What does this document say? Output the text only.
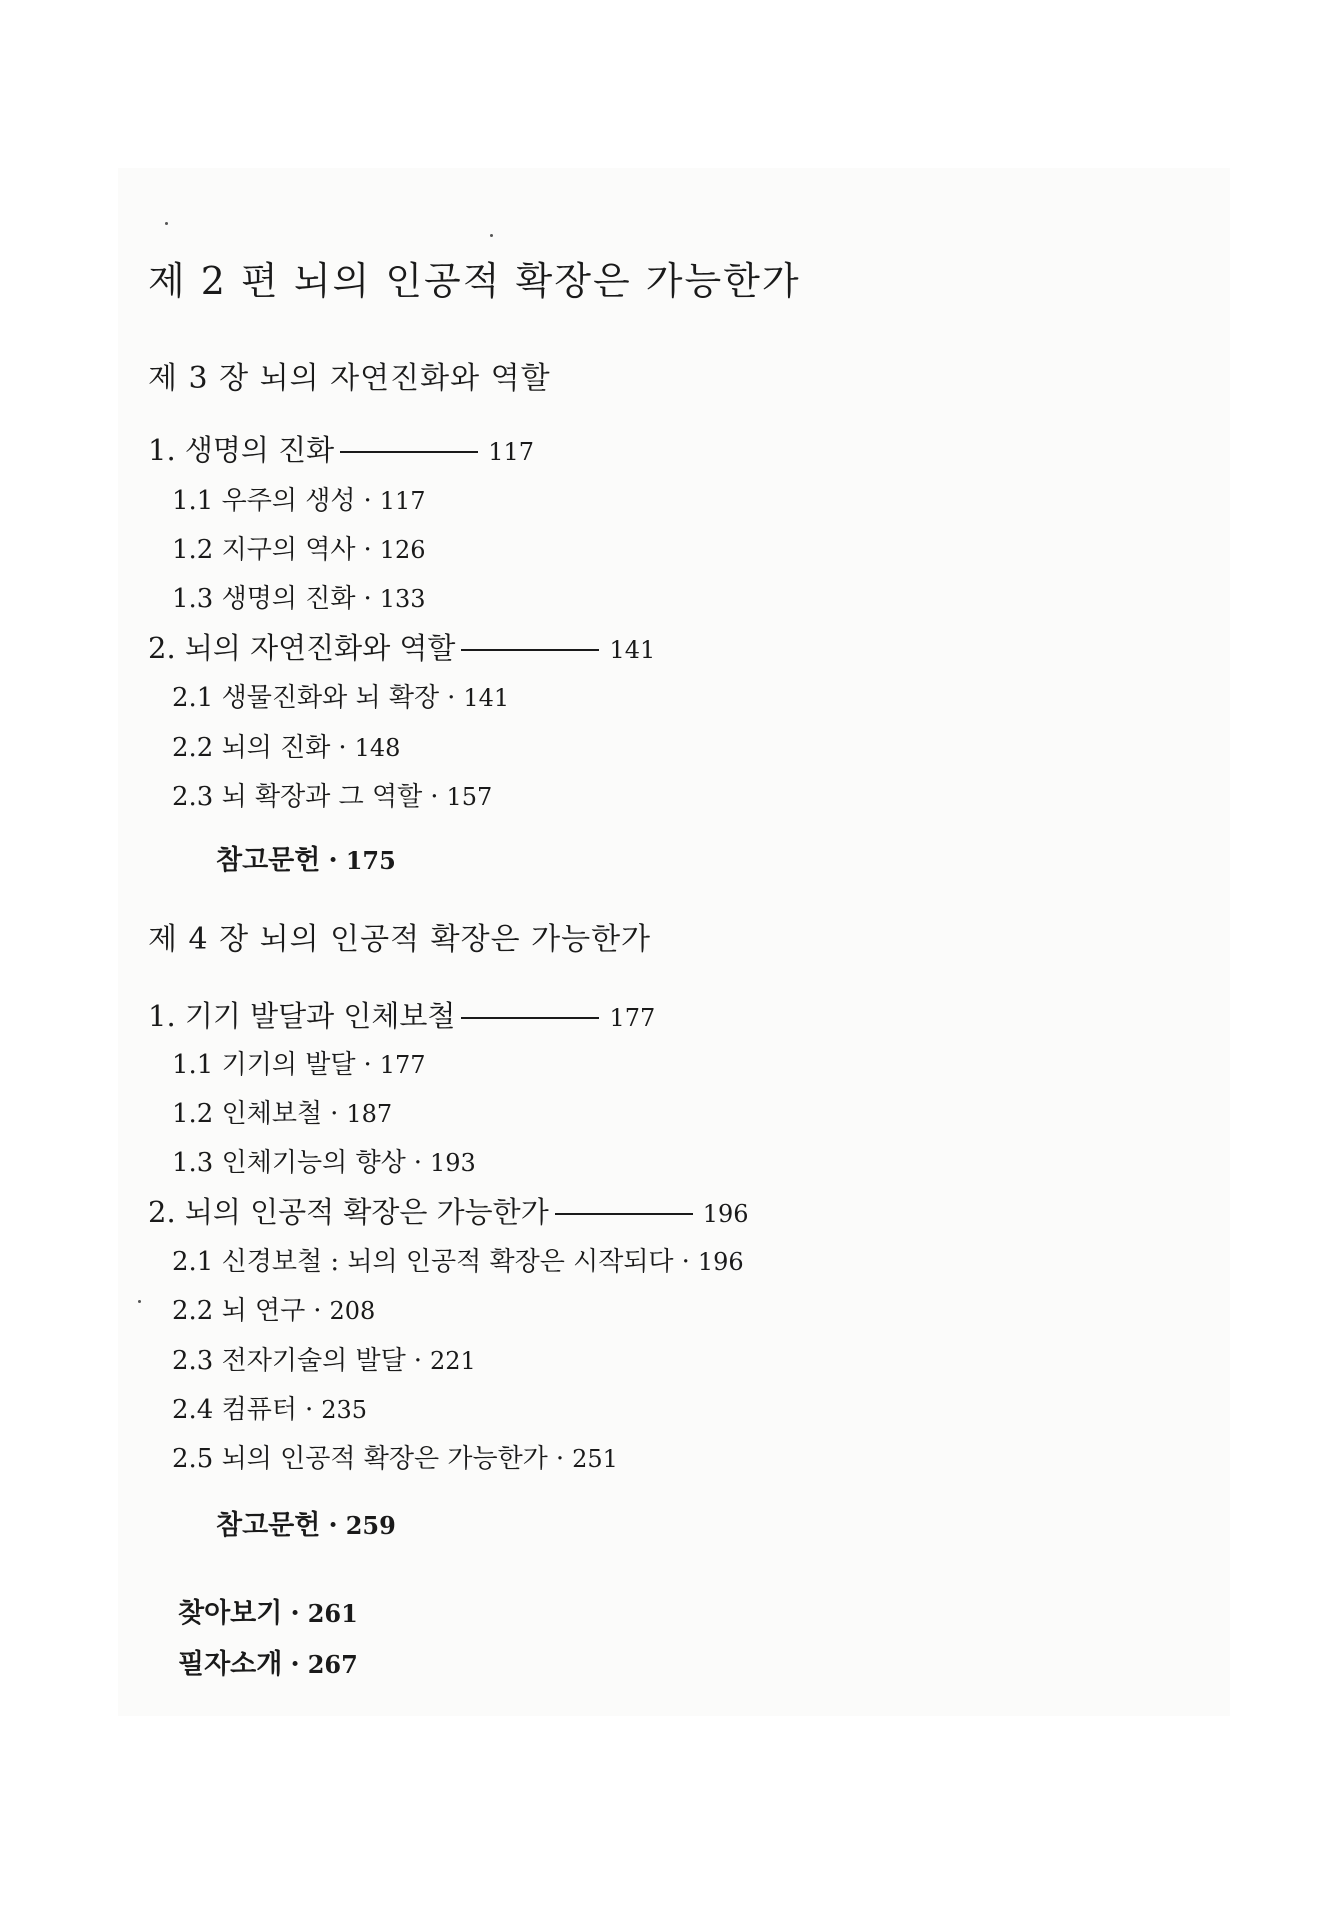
제 2 편 뇌의 인공적 확장은 가능한가
제 3 장 뇌의 자연진화와 역할
1. 생명의 진화	117
1.1 우주의 생성 · 117
1.2 지구의 역사 · 126
1.3 생명의 진화 · 133
2. 뇌의 자연진화와 역할	141
2.1 생물진화와 뇌 확장 · 141
2.2 뇌의 진화 · 148
2.3 뇌 확장과 그 역할 · 157
참고문헌 · 175
제 4 장 뇌의 인공적 확장은 가능한가
1. 기기 발달과 인체보철	177
1.1 기기의 발달 · 177
1.2 인체보철 · 187
1.3 인체기능의 향상 · 193
2. 뇌의 인공적 확장은 가능한가	196
2.1 신경보철 : 뇌의 인공적 확장은 시작되다 · 196
2.2 뇌 연구 · 208
2.3 전자기술의 발달 · 221
2.4 컴퓨터 · 235
2.5 뇌의 인공적 확장은 가능한가 · 251
참고문헌 · 259
찾아보기 · 261
필자소개 · 267
